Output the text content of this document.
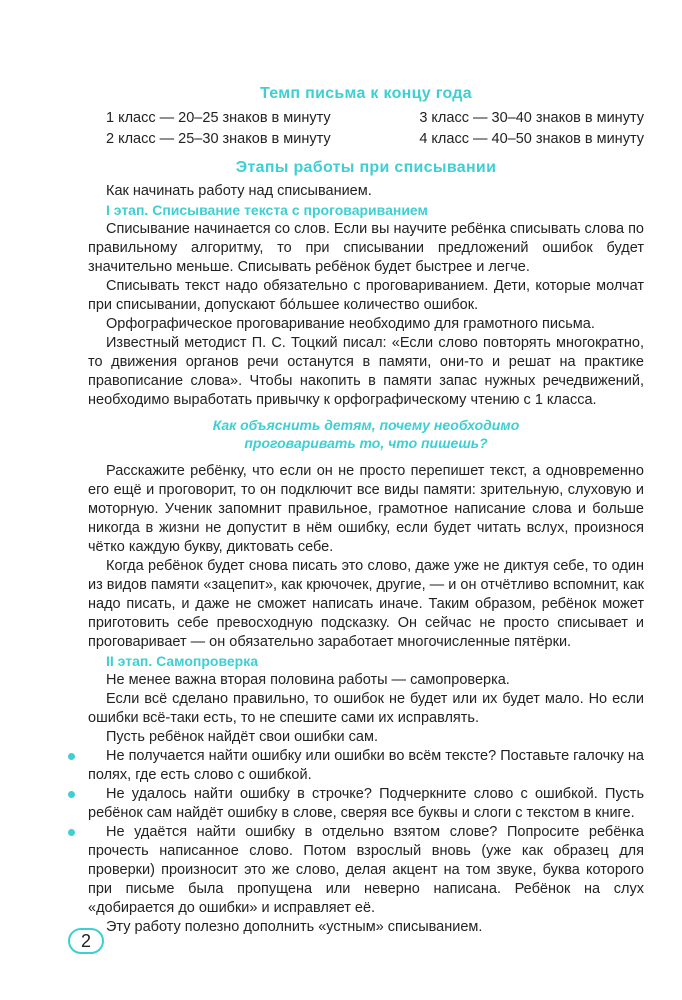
Темп письма к концу года
1 класс — 20–25 знаков в минуту	3 класс — 30–40 знаков в минуту
2 класс — 25–30 знаков в минуту	4 класс — 40–50 знаков в минуту
Этапы работы при списывании

Как начинать работу над списыванием.

I этап. Списывание текста с проговариванием

Списывание начинается со слов. Если вы научите ребёнка списывать слова по правильному алгоритму, то при списывании предложений ошибок будет значительно меньше. Списывать ребёнок будет быстрее и легче.

Списывать текст надо обязательно с проговариванием. Дети, которые молчат при списывании, допускают бо́льшее количество ошибок.

Орфографическое проговаривание необходимо для грамотного письма.

Известный методист П. С. Тоцкий писал: «Если слово повторять многократно, то движения органов речи останутся в памяти, они-то и решат на практике правописание слова». Чтобы накопить в памяти запас нужных речедвижений, необходимо выработать привычку к орфографическому чтению с 1 класса.

Как объяснить детям, почему необходимо
проговаривать то, что пишешь?

Расскажите ребёнку, что если он не просто перепишет текст, а одновременно его ещё и проговорит, то он подключит все виды памяти: зрительную, слуховую и моторную. Ученик запомнит правильное, грамотное написание слова и больше никогда в жизни не допустит в нём ошибку, если будет читать вслух, произнося чётко каждую букву, диктовать себе.

Когда ребёнок будет снова писать это слово, даже уже не диктуя себе, то один из видов памяти «зацепит», как крючочек, другие, — и он отчётливо вспомнит, как надо писать, и даже не сможет написать иначе. Таким образом, ребёнок может приготовить себе превосходную подсказку. Он сейчас не просто списывает и проговаривает — он обязательно заработает многочисленные пятёрки.

II этап. Самопроверка

Не менее важна вторая половина работы — самопроверка.

Если всё сделано правильно, то ошибок не будет или их будет мало. Но если ошибки всё-таки есть, то не спешите сами их исправлять.

Пусть ребёнок найдёт свои ошибки сам.

Не получается найти ошибку или ошибки во всём тексте? Поставьте галочку на полях, где есть слово с ошибкой.

Не удалось найти ошибку в строчке? Подчеркните слово с ошибкой. Пусть ребёнок сам найдёт ошибку в слове, сверяя все буквы и слоги с текстом в книге.

Не удаётся найти ошибку в отдельно взятом слове? Попросите ребёнка прочесть написанное слово. Потом взрослый вновь (уже как образец для проверки) произносит это же слово, делая акцент на том звуке, буква которого при письме была пропущена или неверно написана. Ребёнок на слух «добирается до ошибки» и исправляет её.

Эту работу полезно дополнить «устным» списыванием.

2
